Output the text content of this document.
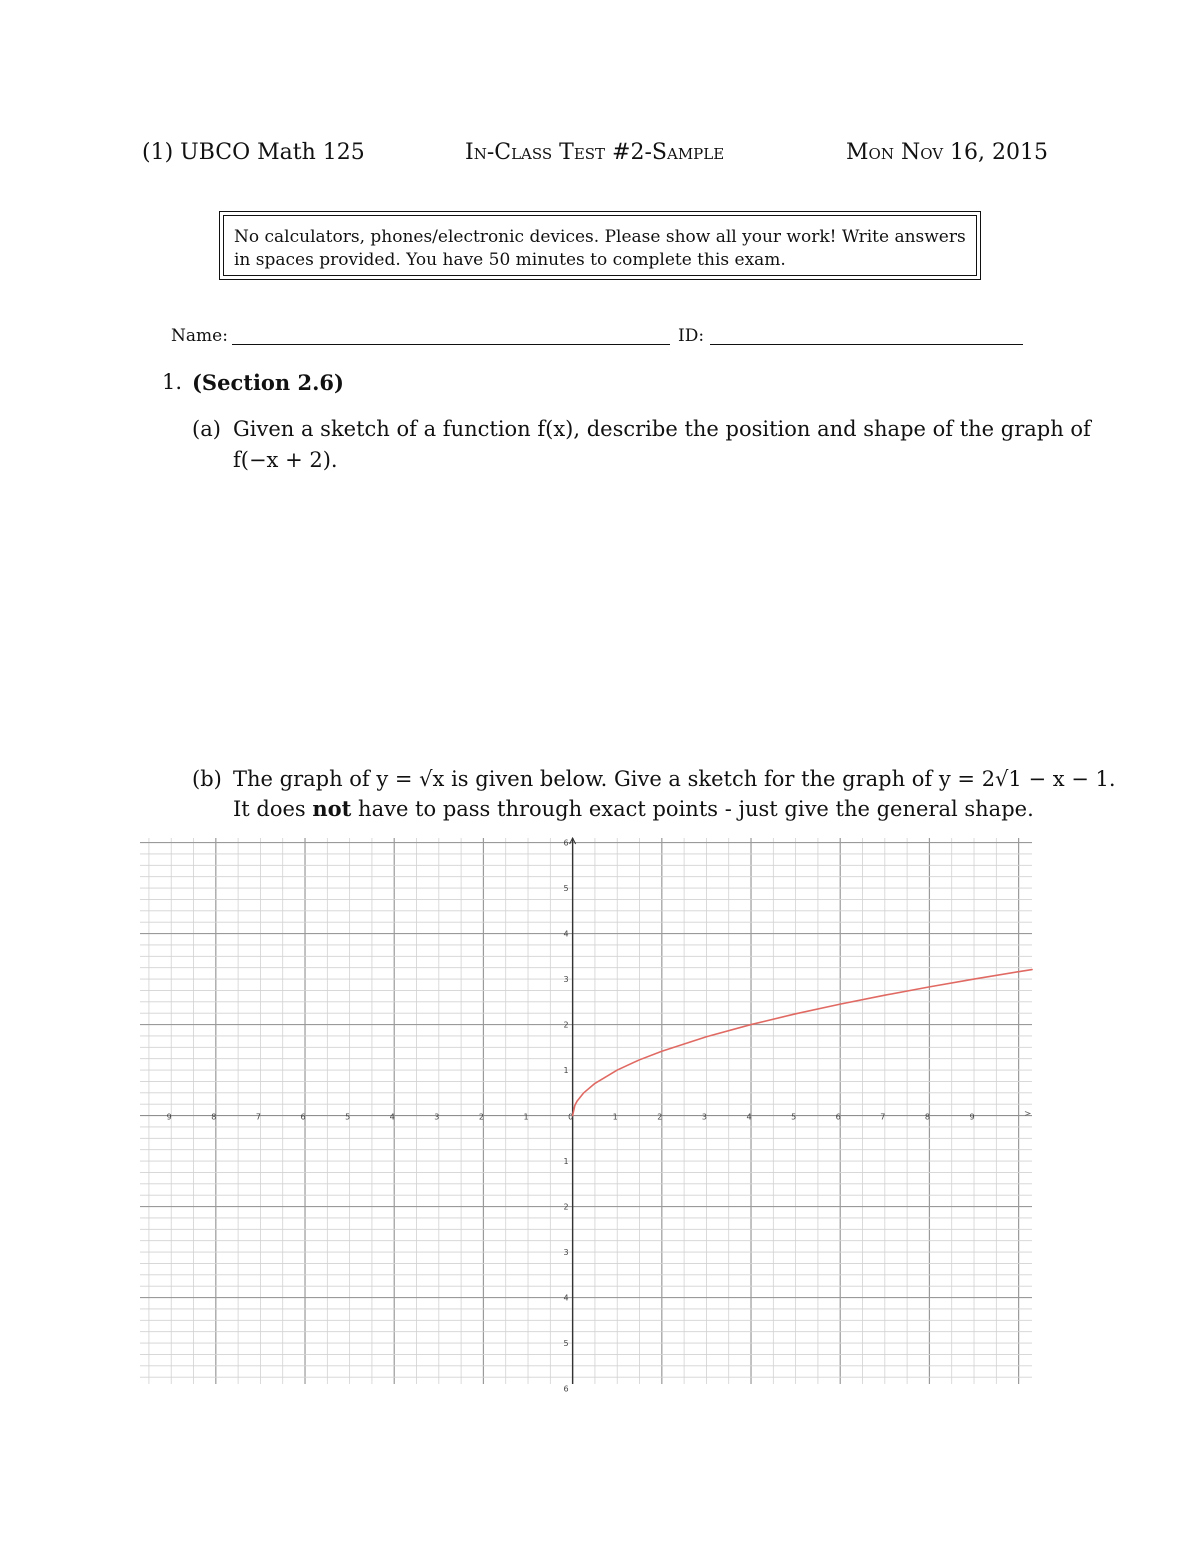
(1) UBCO Math 125	In-Class Test #2-Sample	Mon Nov 16, 2015
No calculators, phones/electronic devices. Please show all your work! Write answers
in spaces provided. You have 50 minutes to complete this exam.
Name:	ID:
1. (Section 2.6)
(a) Given a sketch of a function f(x), describe the position and shape of the graph of
f(−x + 2).
(b) The graph of y = √x is given below. Give a sketch for the graph of y = 2√1 − x − 1.
It does not have to pass through exact points - just give the general shape.
9	8	7	6	5	4	3	2	1	0	1	2	3	4	5	6	7	8	9
6
5
4
3
2
1
1
2
3
4
5
6
